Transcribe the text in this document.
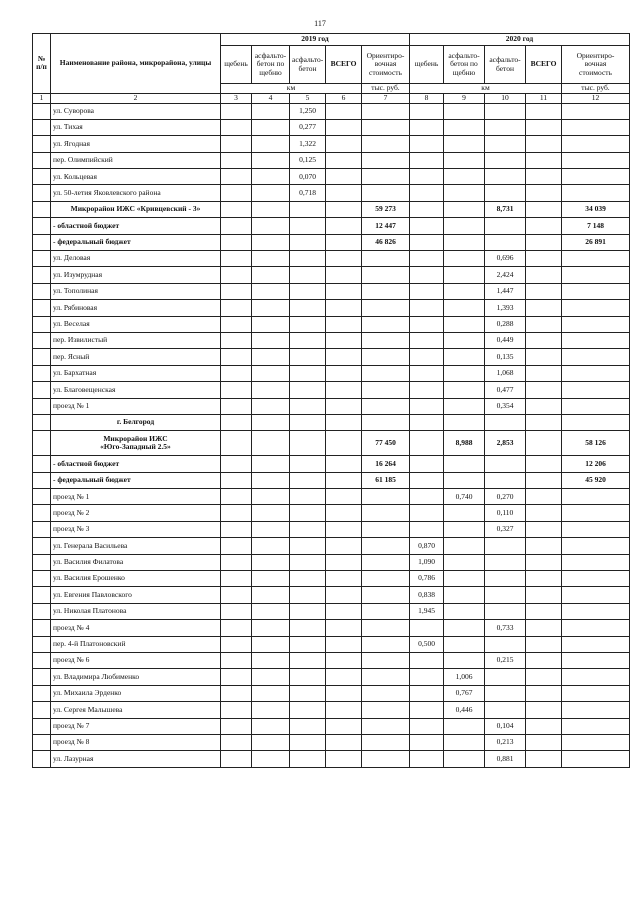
117
№
п/п	Наименование района, микрорайона, улицы	2019 год					2020 год				
		щебень	асфальто-
бетон по
щебню	асфальто-
бетон	ВСЕГО	Ориентиро-
вочная
стоимость	щебень	асфальто-
бетон по
щебню	асфальто-
бетон	ВСЕГО	Ориентиро-
вочная
стоимость
		км				тыс. руб.	км				тыс. руб.
1	2	3	4	5	6	7	8	9	10	11	12
	ул. Суворова			1,250							
	ул. Тихая			0,277							
	ул. Ягодная			1,322							
	пер. Олимпийский			0,125							
	ул. Кольцевая			0,070							
	ул. 50-летия Яковлевского района			0,718							
	Микрорайон ИЖС «Кривцевский - 3»					59 273			8,731		34 039
	- областной бюджет					12 447					7 148
	- федеральный бюджет					46 826					26 891
	ул. Деловая								0,696		
	ул. Изумрудная								2,424		
	ул. Тополиная								1,447		
	ул. Рябиновая								1,393		
	ул. Веселая								0,288		
	пер. Извилистый								0,449		
	пер. Ясный								0,135		
	ул. Бархатная								1,068		
	ул. Благовещенская								0,477		
	проезд № 1								0,354		
	г. Белгород										
	Микрорайон ИЖС
«Юго-Западный 2.5»					77 450		8,988	2,853		58 126
	- областной бюджет					16 264					12 206
	- федеральный бюджет					61 185					45 920
	проезд № 1							0,740	0,270		
	проезд № 2								0,110		
	проезд № 3								0,327		
	ул. Генерала Васильева						0,870				
	ул. Василия Филатова						1,090				
	ул. Василия Ерошенко						0,786				
	ул. Евгения Павловского						0,838				
	ул. Николая Платонова						1,945				
	проезд № 4								0,733		
	пер. 4-й Платоновский						0,500				
	проезд № 6								0,215		
	ул. Владимира Любименко							1,006			
	ул. Михаила Эрденко							0,767			
	ул. Сергея Малышева							0,446			
	проезд № 7								0,104		
	проезд № 8								0,213		
	ул. Лазурная								0,881		
